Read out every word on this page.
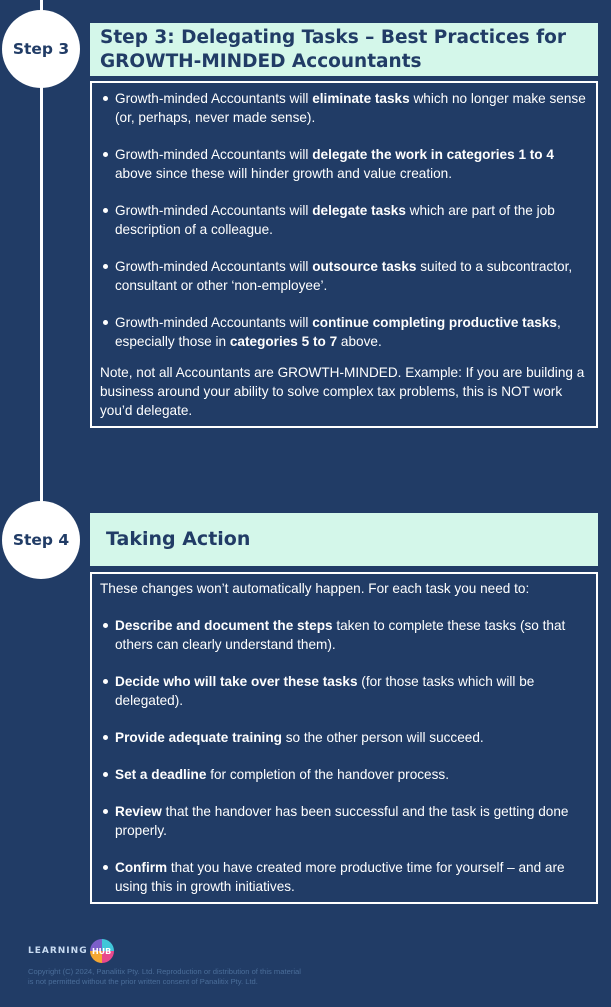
Step 3
Step 3: Delegating Tasks – Best Practices for
GROWTH-MINDED Accountants
Growth-minded Accountants will eliminate tasks which no longer make sense (or, perhaps, never made sense).
Growth-minded Accountants will delegate the work in categories 1 to 4 above since these will hinder growth and value creation.
Growth-minded Accountants will delegate tasks which are part of the job description of a colleague.
Growth-minded Accountants will outsource tasks suited to a subcontractor, consultant or other ‘non-employee’.
Growth-minded Accountants will continue completing productive tasks, especially those in categories 5 to 7 above.
Note, not all Accountants are GROWTH-MINDED. Example: If you are building a business around your ability to solve complex tax problems, this is NOT work you’d delegate.
Step 4	Taking Action
These changes won’t automatically happen. For each task you need to:
Describe and document the steps taken to complete these tasks (so that others can clearly understand them).
Decide who will take over these tasks (for those tasks which will be delegated).
Provide adequate training so the other person will succeed.
Set a deadline for completion of the handover process.
Review that the handover has been successful and the task is getting done properly.
Confirm that you have created more productive time for yourself – and are using this in growth initiatives.
LEARNING HUB
Copyright (C) 2024, Panalitix Pty. Ltd. Reproduction or distribution of this material
is not permitted without the prior written consent of Panalitix Pty. Ltd.
